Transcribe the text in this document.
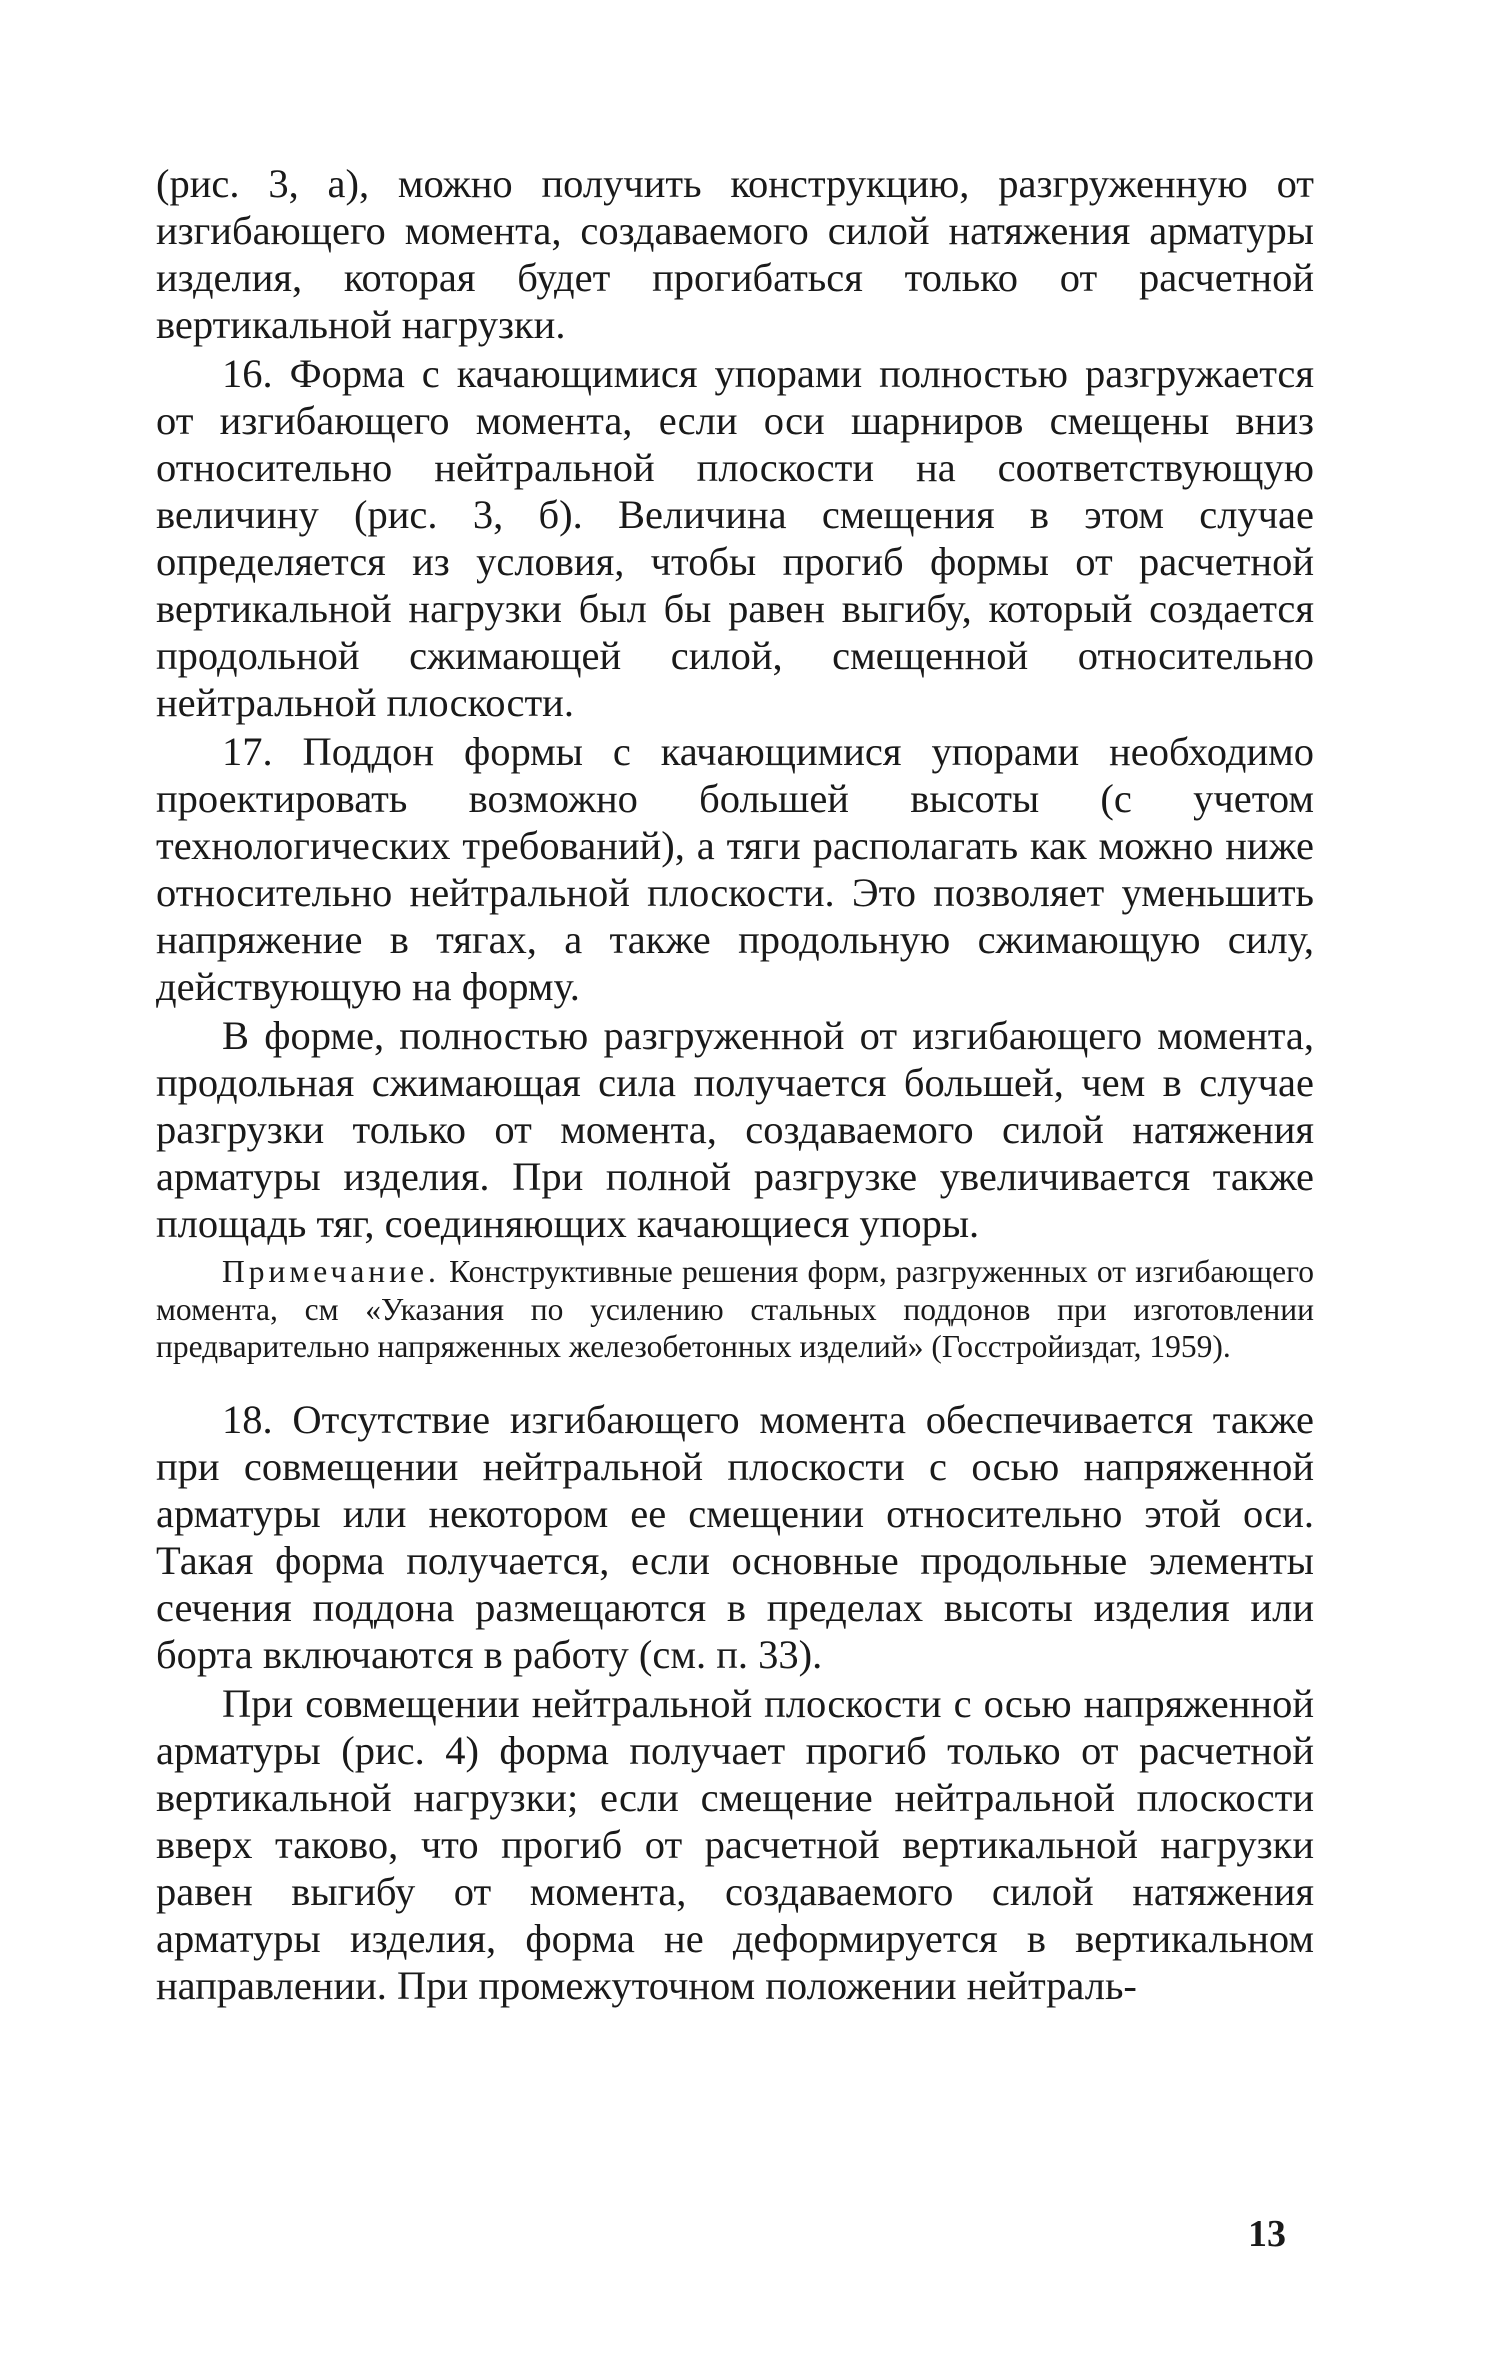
(рис. 3, а), можно получить конструкцию, разгруженную от изгибающего момента, создаваемого силой натяжения арматуры изделия, которая будет прогибаться только от расчетной вертикальной нагрузки.

16. Форма с качающимися упорами полностью разгружается от изгибающего момента, если оси шарниров смещены вниз относительно нейтральной плоскости на соответствующую величину (рис. 3, б). Величина смещения в этом случае определяется из условия, чтобы прогиб формы от расчетной вертикальной нагрузки был бы равен выгибу, который создается продольной сжимающей силой, смещенной относительно нейтральной плоскости.

17. Поддон формы с качающимися упорами необходимо проектировать возможно большей высоты (с учетом технологических требований), а тяги располагать как можно ниже относительно нейтральной плоскости. Это позволяет уменьшить напряжение в тягах, а также продольную сжимающую силу, действующую на форму.

В форме, полностью разгруженной от изгибающего момента, продольная сжимающая сила получается большей, чем в случае разгрузки только от момента, создаваемого силой натяжения арматуры изделия. При полной разгрузке увеличивается также площадь тяг, соединяющих качающиеся упоры.

Примечание. Конструктивные решения форм, разгруженных от изгибающего момента, см «Указания по усилению стальных поддонов при изготовлении предварительно напряженных железобетонных изделий» (Госстройиздат, 1959).

18. Отсутствие изгибающего момента обеспечивается также при совмещении нейтральной плоскости с осью напряженной арматуры или некотором ее смещении относительно этой оси. Такая форма получается, если основные продольные элементы сечения поддона размещаются в пределах высоты изделия или борта включаются в работу (см. п. 33).

При совмещении нейтральной плоскости с осью напряженной арматуры (рис. 4) форма получает прогиб только от расчетной вертикальной нагрузки; если смещение нейтральной плоскости вверх таково, что прогиб от расчетной вертикальной нагрузки равен выгибу от момента, создаваемого силой натяжения арматуры изделия, форма не деформируется в вертикальном направлении. При промежуточном положении нейтраль-

13
